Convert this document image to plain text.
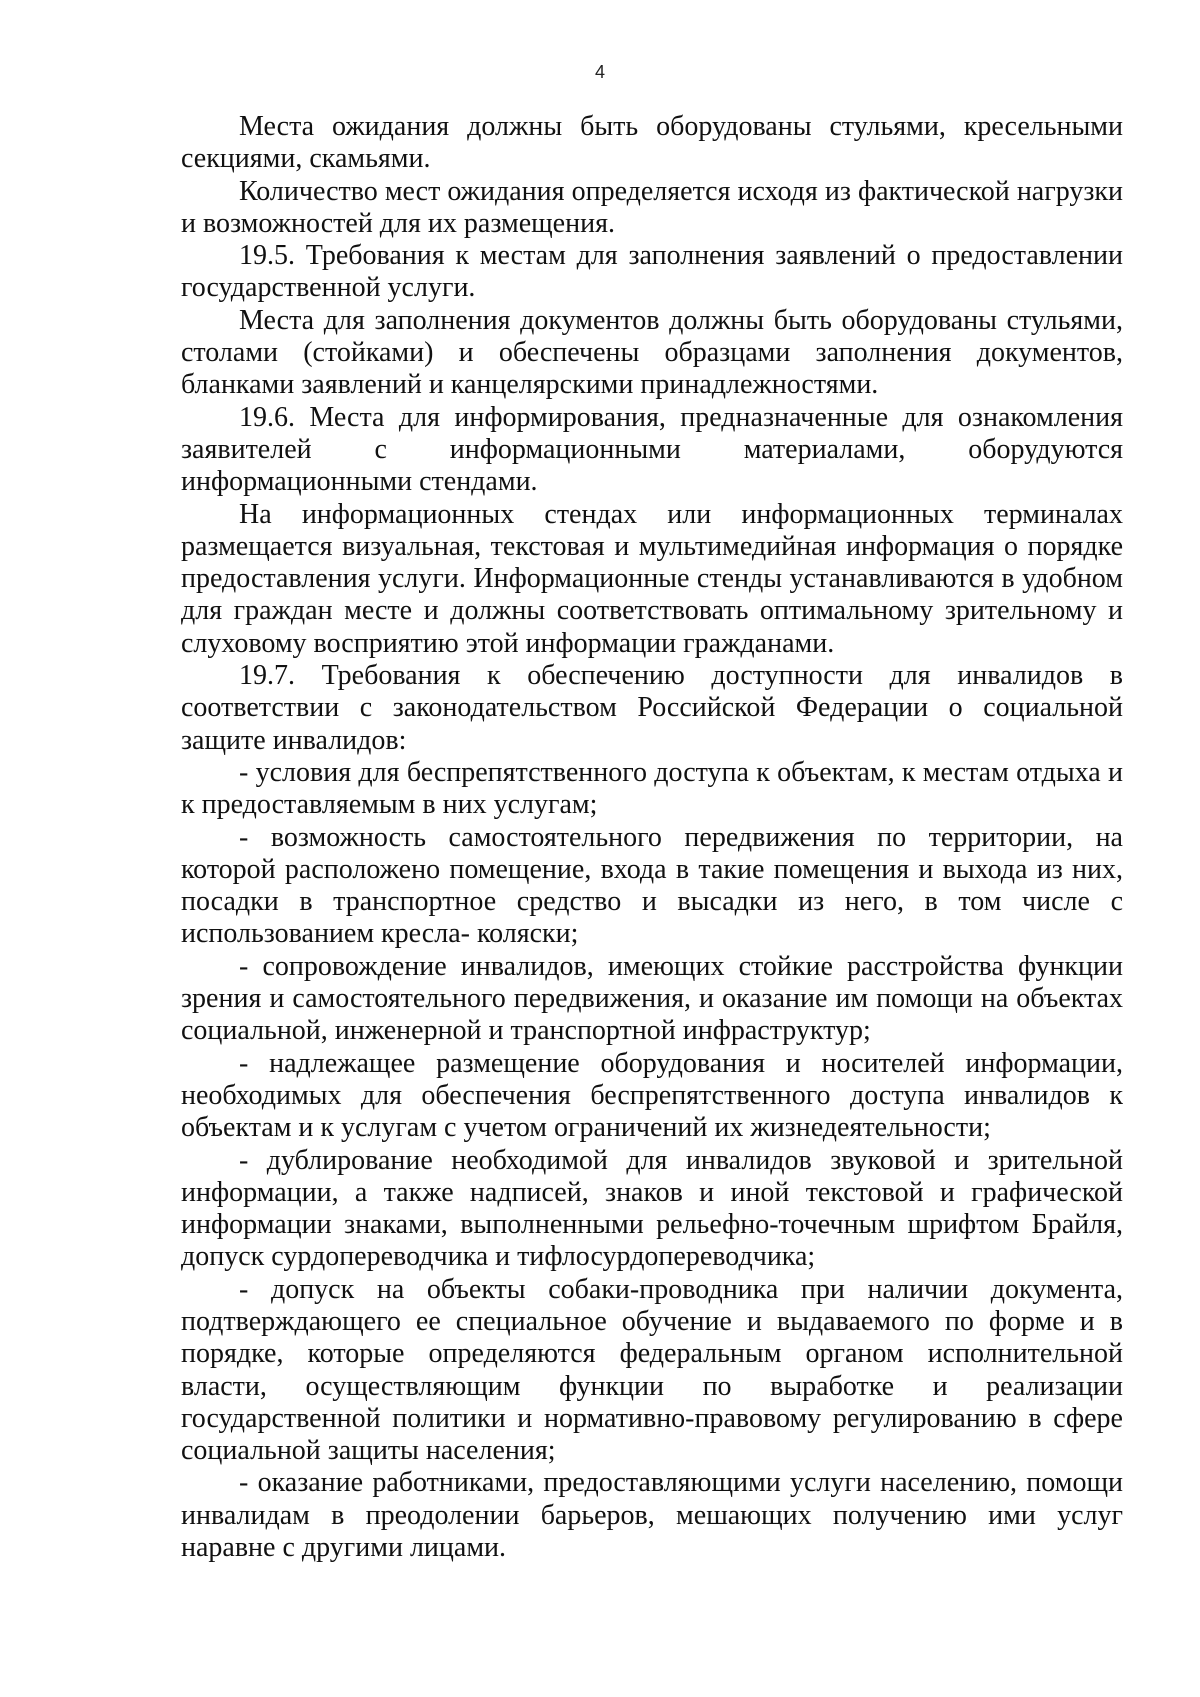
4

Места ожидания должны быть оборудованы стульями, кресельными секциями, скамьями.

Количество мест ожидания определяется исходя из фактической нагрузки и возможностей для их размещения.

19.5. Требования к местам для заполнения заявлений о предоставлении государственной услуги.

Места для заполнения документов должны быть оборудованы стульями, столами (стойками) и обеспечены образцами заполнения документов, бланками заявлений и канцелярскими принадлежностями.

19.6. Места для информирования, предназначенные для ознакомления заявителей с информационными материалами, оборудуются информационными стендами.

На информационных стендах или информационных терминалах размещается визуальная, текстовая и мультимедийная информация о порядке предоставления услуги. Информационные стенды устанавливаются в удобном для граждан месте и должны соответствовать оптимальному зрительному и слуховому восприятию этой информации гражданами.

19.7. Требования к обеспечению доступности для инвалидов в соответствии с законодательством Российской Федерации о социальной защите инвалидов:

- условия для беспрепятственного доступа к объектам, к местам отдыха и к предоставляемым в них услугам;

- возможность самостоятельного передвижения по территории, на которой расположено помещение, входа в такие помещения и выхода из них, посадки в транспортное средство и высадки из него, в том числе с использованием кресла- коляски;

- сопровождение инвалидов, имеющих стойкие расстройства функции зрения и самостоятельного передвижения, и оказание им помощи на объектах социальной, инженерной и транспортной инфраструктур;

- надлежащее размещение оборудования и носителей информации, необходимых для обеспечения беспрепятственного доступа инвалидов к объектам и к услугам с учетом ограничений их жизнедеятельности;

- дублирование необходимой для инвалидов звуковой и зрительной информации, а также надписей, знаков и иной текстовой и графической информации знаками, выполненными рельефно-точечным шрифтом Брайля, допуск сурдопереводчика и тифлосурдопереводчика;

- допуск на объекты собаки-проводника при наличии документа, подтверждающего ее специальное обучение и выдаваемого по форме и в порядке, которые определяются федеральным органом исполнительной власти, осуществляющим функции по выработке и реализации государственной политики и нормативно-правовому регулированию в сфере социальной защиты населения;

- оказание работниками, предоставляющими услуги населению, помощи инвалидам в преодолении барьеров, мешающих получению ими услуг наравне с другими лицами.
